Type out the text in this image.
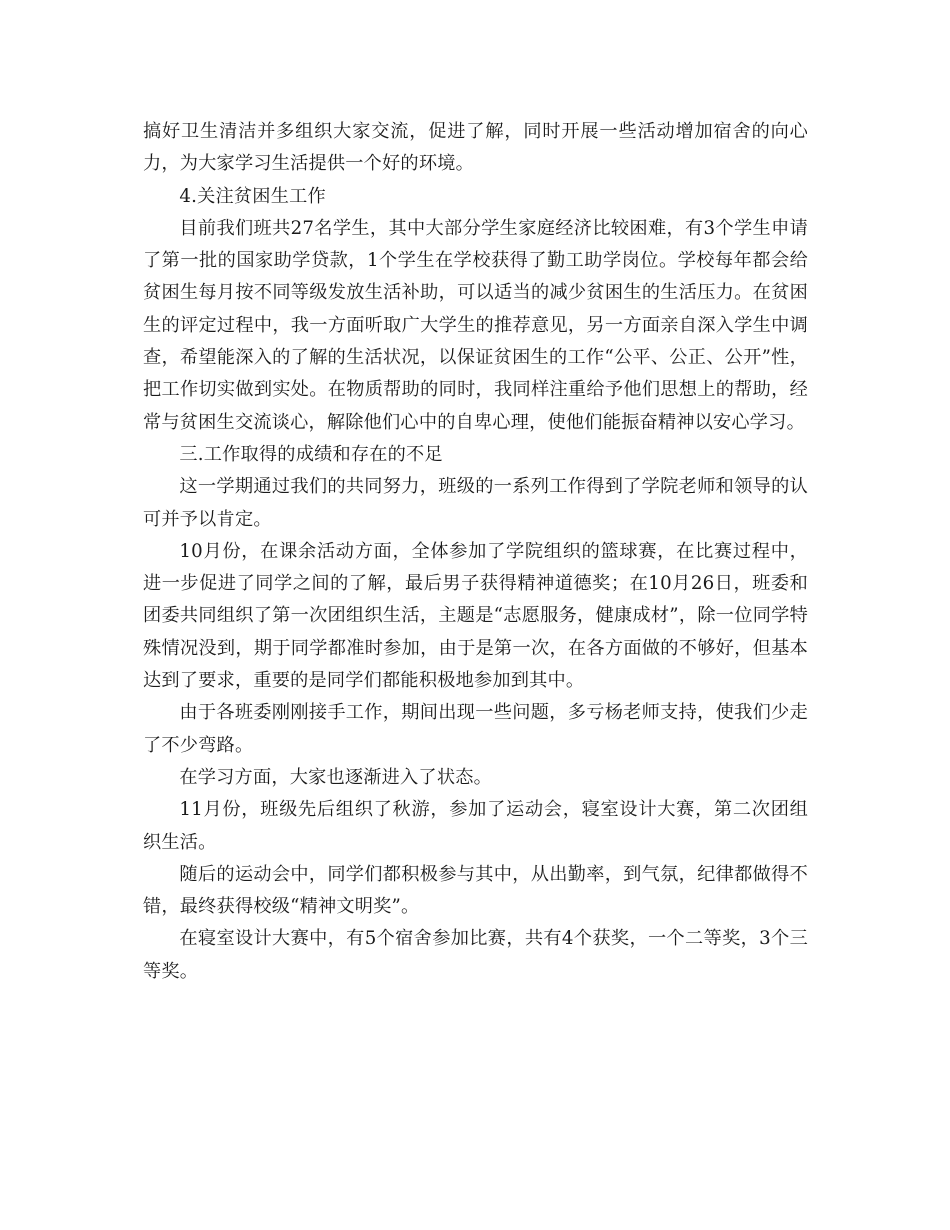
搞好卫生清洁并多组织大家交流，促进了解，同时开展一些活动增加宿舍的向心力，为大家学习生活提供一个好的环境。

4.关注贫困生工作

目前我们班共27名学生，其中大部分学生家庭经济比较困难，有3个学生申请了第一批的国家助学贷款，1个学生在学校获得了勤工助学岗位。学校每年都会给贫困生每月按不同等级发放生活补助，可以适当的减少贫困生的生活压力。在贫困生的评定过程中，我一方面听取广大学生的推荐意见，另一方面亲自深入学生中调查，希望能深入的了解的生活状况，以保证贫困生的工作“公平、公正、公开”性，把工作切实做到实处。在物质帮助的同时，我同样注重给予他们思想上的帮助，经常与贫困生交流谈心，解除他们心中的自卑心理，使他们能振奋精神以安心学习。

三.工作取得的成绩和存在的不足

这一学期通过我们的共同努力，班级的一系列工作得到了学院老师和领导的认可并予以肯定。

10月份，在课余活动方面，全体参加了学院组织的篮球赛，在比赛过程中，进一步促进了同学之间的了解，最后男子获得精神道德奖；在10月26日，班委和团委共同组织了第一次团组织生活，主题是“志愿服务，健康成材”，除一位同学特殊情况没到，期于同学都准时参加，由于是第一次，在各方面做的不够好，但基本达到了要求，重要的是同学们都能积极地参加到其中。

由于各班委刚刚接手工作，期间出现一些问题，多亏杨老师支持，使我们少走了不少弯路。

在学习方面，大家也逐渐进入了状态。

11月份，班级先后组织了秋游，参加了运动会，寝室设计大赛，第二次团组织生活。

随后的运动会中，同学们都积极参与其中，从出勤率，到气氛，纪律都做得不错，最终获得校级“精神文明奖”。

在寝室设计大赛中，有5个宿舍参加比赛，共有4个获奖，一个二等奖，3个三等奖。
